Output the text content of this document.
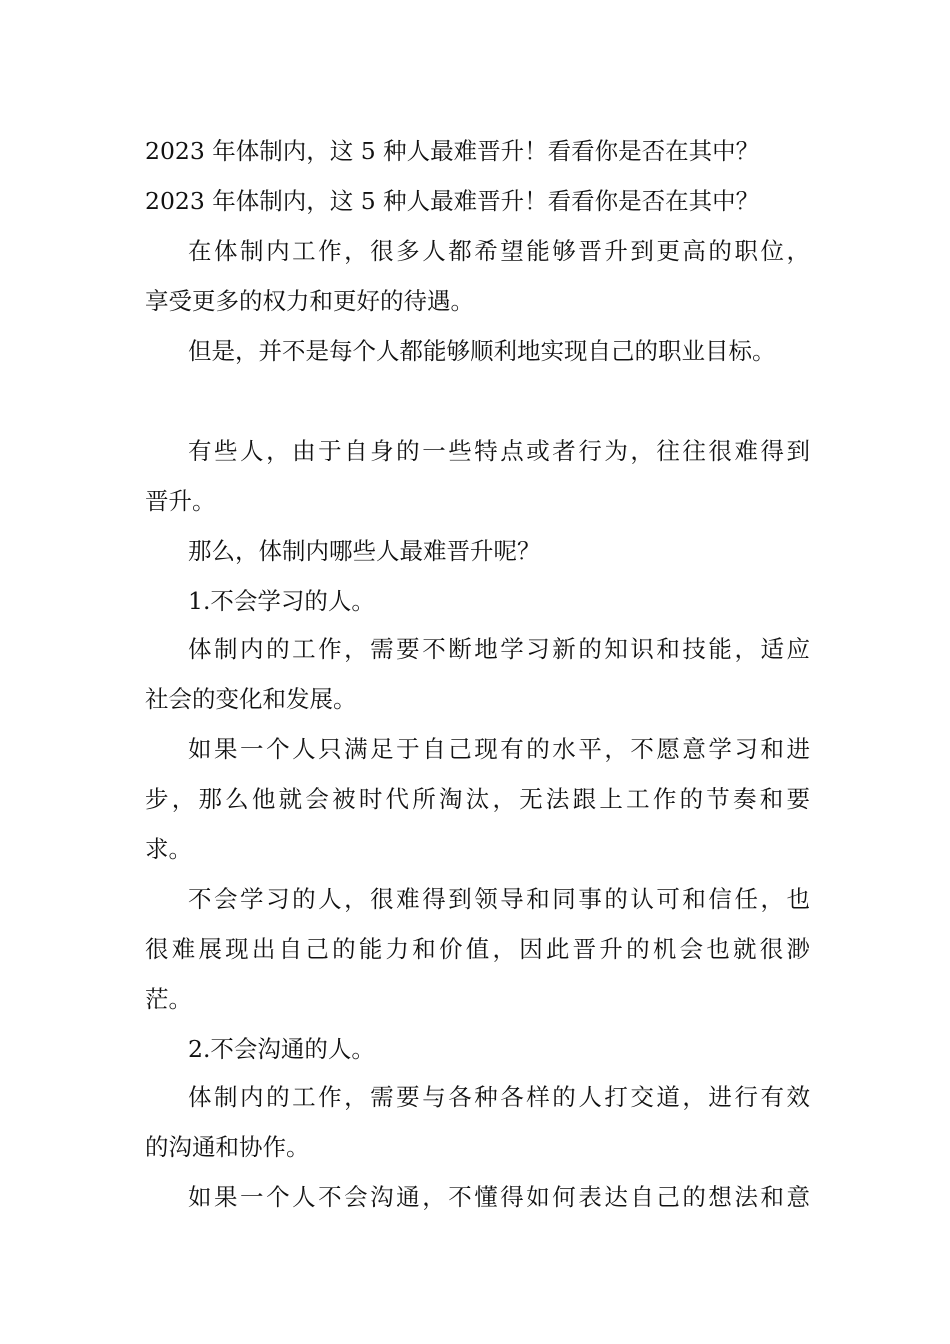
2023 年体制内，这 5 种人最难晋升！看看你是否在其中？
2023 年体制内，这 5 种人最难晋升！看看你是否在其中？
在体制内工作，很多人都希望能够晋升到更高的职位，
享受更多的权力和更好的待遇。
但是，并不是每个人都能够顺利地实现自己的职业目标。
有些人，由于自身的一些特点或者行为，往往很难得到
晋升。
那么，体制内哪些人最难晋升呢？
1.不会学习的人。
体制内的工作，需要不断地学习新的知识和技能，适应
社会的变化和发展。
如果一个人只满足于自己现有的水平，不愿意学习和进
步，那么他就会被时代所淘汰，无法跟上工作的节奏和要
求。
不会学习的人，很难得到领导和同事的认可和信任，也
很难展现出自己的能力和价值，因此晋升的机会也就很渺
茫。
2.不会沟通的人。
体制内的工作，需要与各种各样的人打交道，进行有效
的沟通和协作。
如果一个人不会沟通，不懂得如何表达自己的想法和意
